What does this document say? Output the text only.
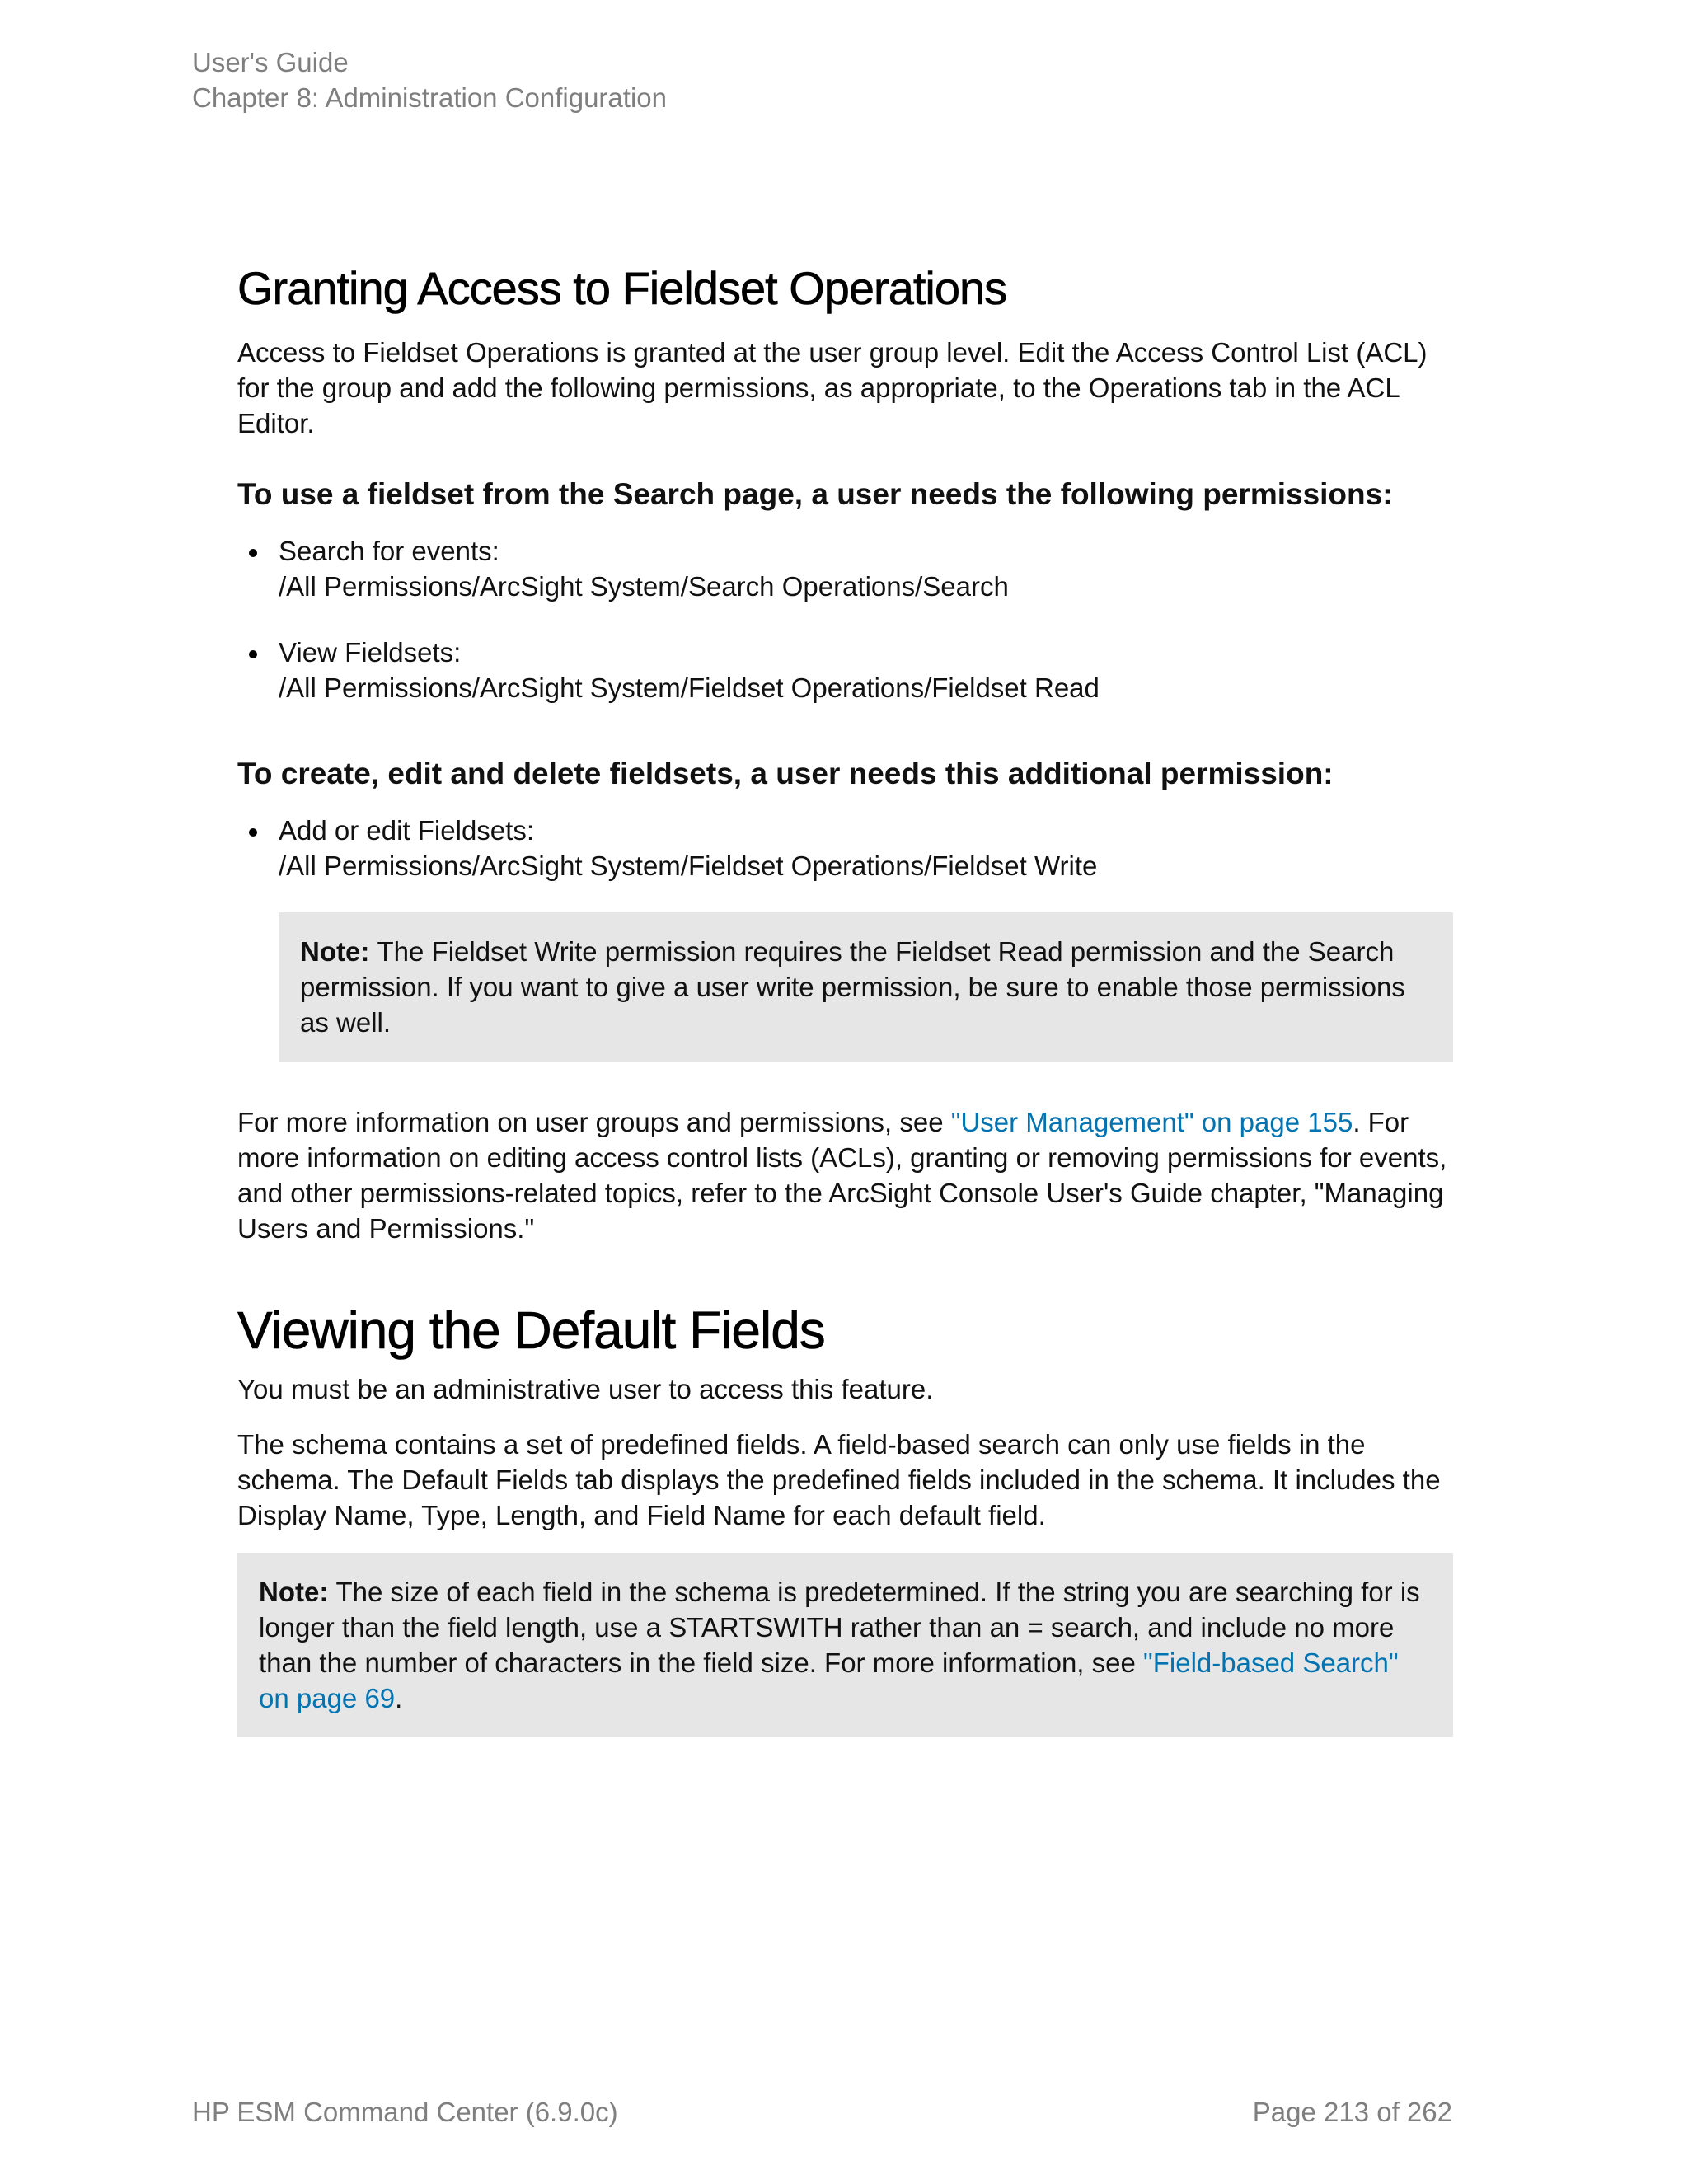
User's Guide
Chapter 8: Administration Configuration
Granting Access to Fieldset Operations

Access to Fieldset Operations is granted at the user group level. Edit the Access Control List (ACL) for the group and add the following permissions, as appropriate, to the Operations tab in the ACL Editor.

To use a fieldset from the Search page, a user needs the following permissions:
Search for events:
/All Permissions/ArcSight System/Search Operations/Search
View Fieldsets:
/All Permissions/ArcSight System/Fieldset Operations/Fieldset Read
To create, edit and delete fieldsets, a user needs this additional permission:
Add or edit Fieldsets:
/All Permissions/ArcSight System/Fieldset Operations/Fieldset Write
Note: The Fieldset Write permission requires the Fieldset Read permission and the Search permission. If you want to give a user write permission, be sure to enable those permissions as well.

For more information on user groups and permissions, see "User Management" on page 155. For more information on editing access control lists (ACLs), granting or removing permissions for events, and other permissions-related topics, refer to the ArcSight Console User's Guide chapter, "Managing Users and Permissions."

Viewing the Default Fields

You must be an administrative user to access this feature.

The schema contains a set of predefined fields. A field-based search can only use fields in the schema. The Default Fields tab displays the predefined fields included in the schema. It includes the Display Name, Type, Length, and Field Name for each default field.

Note: The size of each field in the schema is predetermined. If the string you are searching for is longer than the field length, use a STARTSWITH rather than an = search, and include no more than the number of characters in the field size. For more information, see "Field-based Search" on page 69.
HP ESM Command Center (6.9.0c)	Page 213 of 262
